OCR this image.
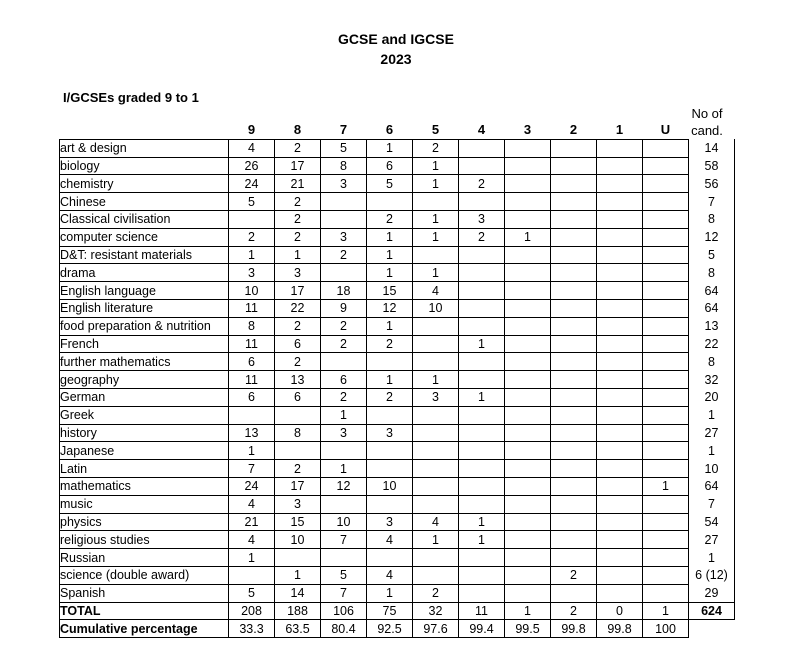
GCSE and IGCSE
2023
I/GCSEs graded 9 to 1
No of
cand.
	9	8	7	6	5	4	3	2	1	U	
art & design	4	2	5	1	2						14
biology	26	17	8	6	1						58
chemistry	24	21	3	5	1	2					56
Chinese	5	2									7
Classical civilisation		2		2	1	3					8
computer science	2	2	3	1	1	2	1				12
D&T: resistant materials	1	1	2	1							5
drama	3	3		1	1						8
English language	10	17	18	15	4						64
English literature	11	22	9	12	10						64
food preparation & nutrition	8	2	2	1							13
French	11	6	2	2		1					22
further mathematics	6	2									8
geography	11	13	6	1	1						32
German	6	6	2	2	3	1					20
Greek			1								1
history	13	8	3	3							27
Japanese	1										1
Latin	7	2	1								10
mathematics	24	17	12	10						1	64
music	4	3									7
physics	21	15	10	3	4	1					54
religious studies	4	10	7	4	1	1					27
Russian	1										1
science (double award)		1	5	4				2			6 (12)
Spanish	5	14	7	1	2						29
TOTAL	208	188	106	75	32	11	1	2	0	1	624
Cumulative percentage	33.3	63.5	80.4	92.5	97.6	99.4	99.5	99.8	99.8	100	
